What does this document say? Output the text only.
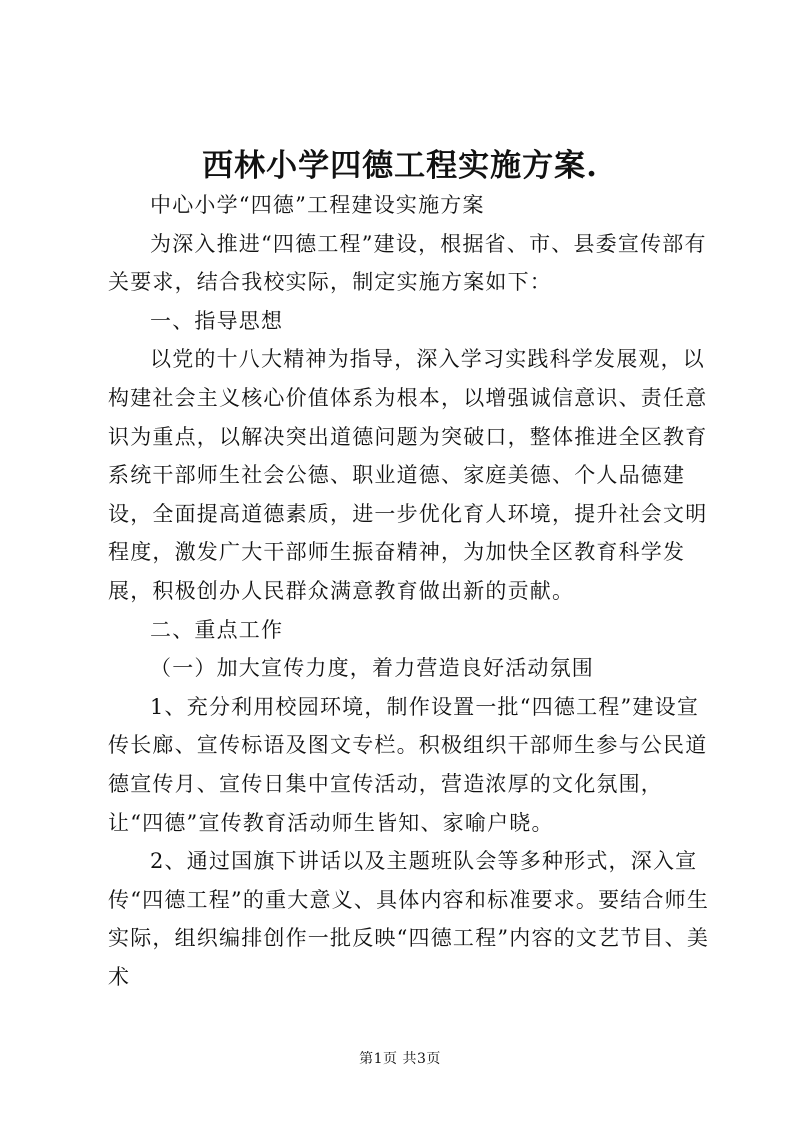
西林小学四德工程实施方案.

中心小学“四德”工程建设实施方案

为深入推进“四德工程”建设，根据省、市、县委宣传部有关要求，结合我校实际，制定实施方案如下：

一、指导思想

以党的十八大精神为指导，深入学习实践科学发展观，以构建社会主义核心价值体系为根本，以增强诚信意识、责任意识为重点，以解决突出道德问题为突破口，整体推进全区教育系统干部师生社会公德、职业道德、家庭美德、个人品德建设，全面提高道德素质，进一步优化育人环境，提升社会文明程度，激发广大干部师生振奋精神，为加快全区教育科学发展，积极创办人民群众满意教育做出新的贡献。

二、重点工作

（一）加大宣传力度，着力营造良好活动氛围

1、充分利用校园环境，制作设置一批“四德工程”建设宣传长廊、宣传标语及图文专栏。积极组织干部师生参与公民道德宣传月、宣传日集中宣传活动，营造浓厚的文化氛围，让“四德”宣传教育活动师生皆知、家喻户晓。

2、通过国旗下讲话以及主题班队会等多种形式，深入宣传“四德工程”的重大意义、具体内容和标准要求。要结合师生实际，组织编排创作一批反映“四德工程”内容的文艺节目、美术

第1页 共3页
